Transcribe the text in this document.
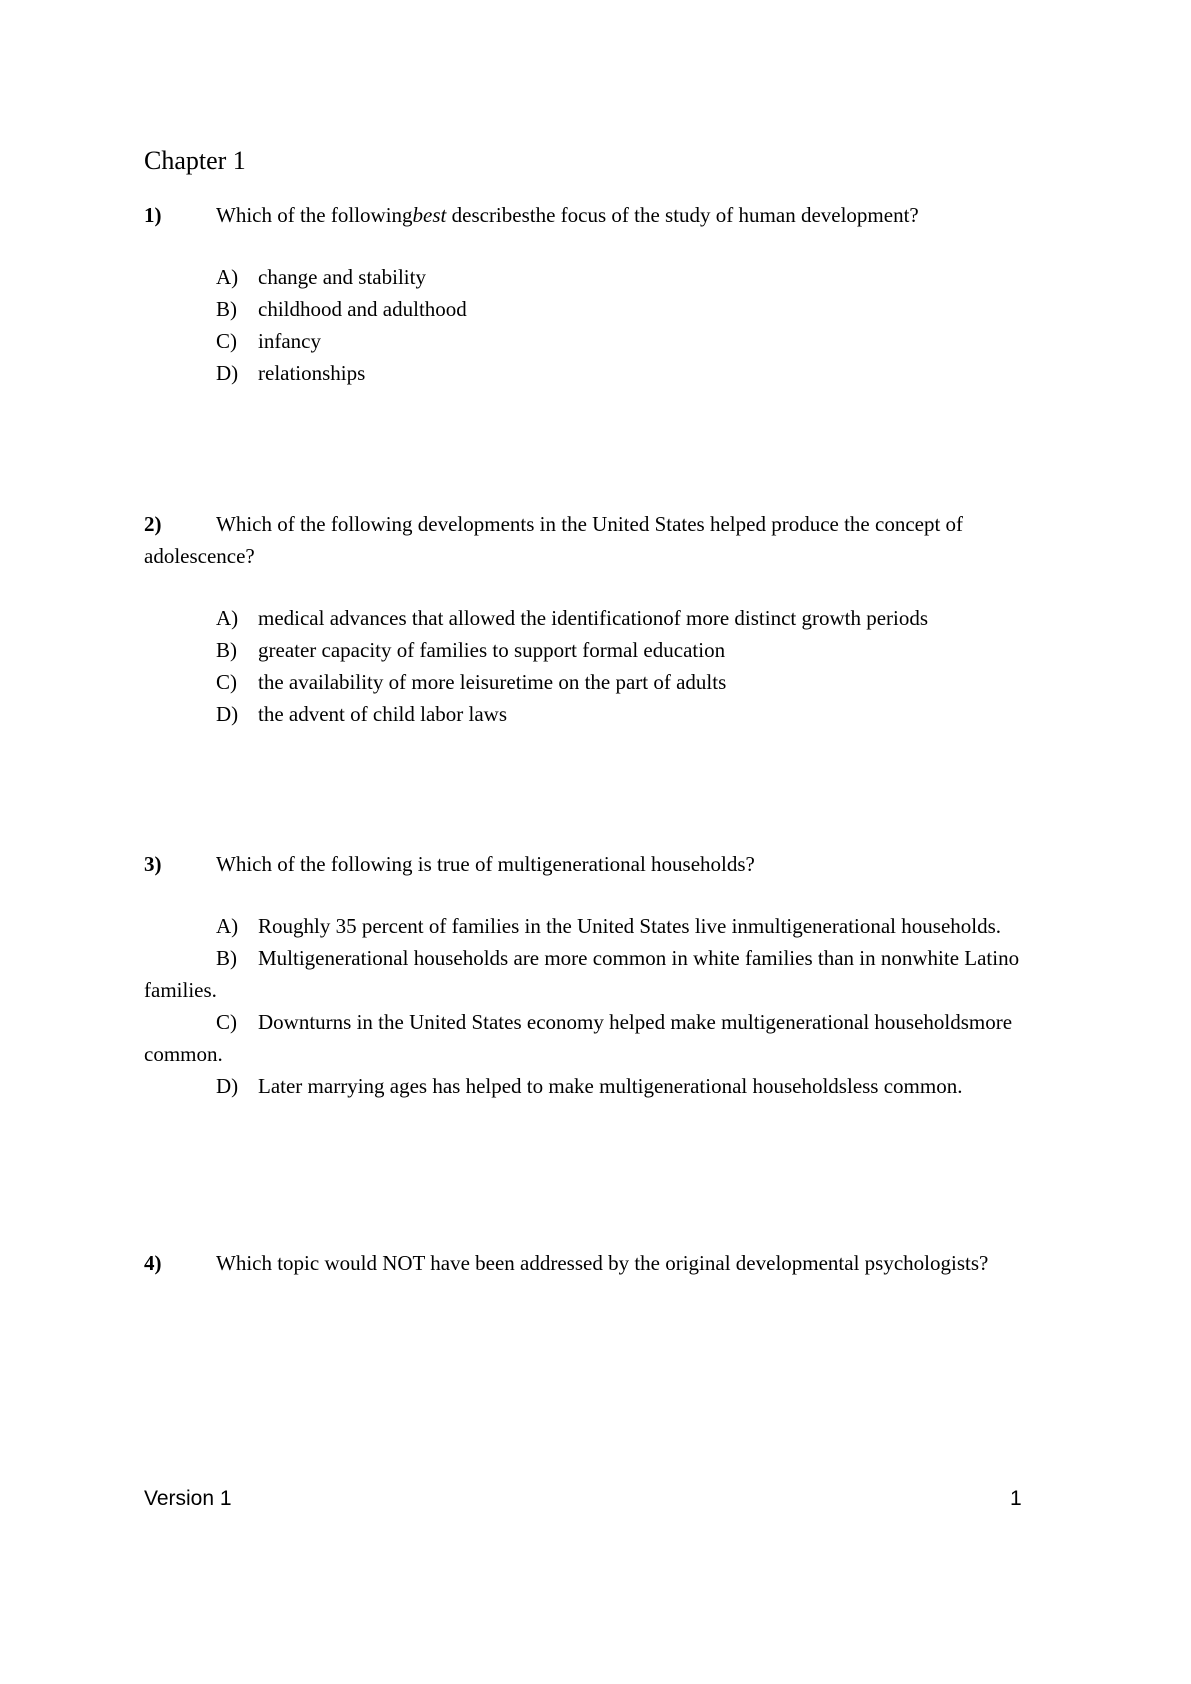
Chapter 1

1)	Which of the followingbest describesthe focus of the study of human development?

A) change and stability
B) childhood and adulthood
C) infancy
D) relationships

2)	Which of the following developments in the United States helped produce the concept of adolescence?

A) medical advances that allowed the identificationof more distinct growth periods
B) greater capacity of families to support formal education
C) the availability of more leisuretime on the part of adults
D) the advent of child labor laws

3)	Which of the following is true of multigenerational households?

A) Roughly 35 percent of families in the United States live inmultigenerational households.
B) Multigenerational households are more common in white families than in nonwhite Latino families.
C) Downturns in the United States economy helped make multigenerational householdsmore common.
D) Later marrying ages has helped to make multigenerational householdsless common.

4)	Which topic would NOT have been addressed by the original developmental psychologists?

Version 1	1
